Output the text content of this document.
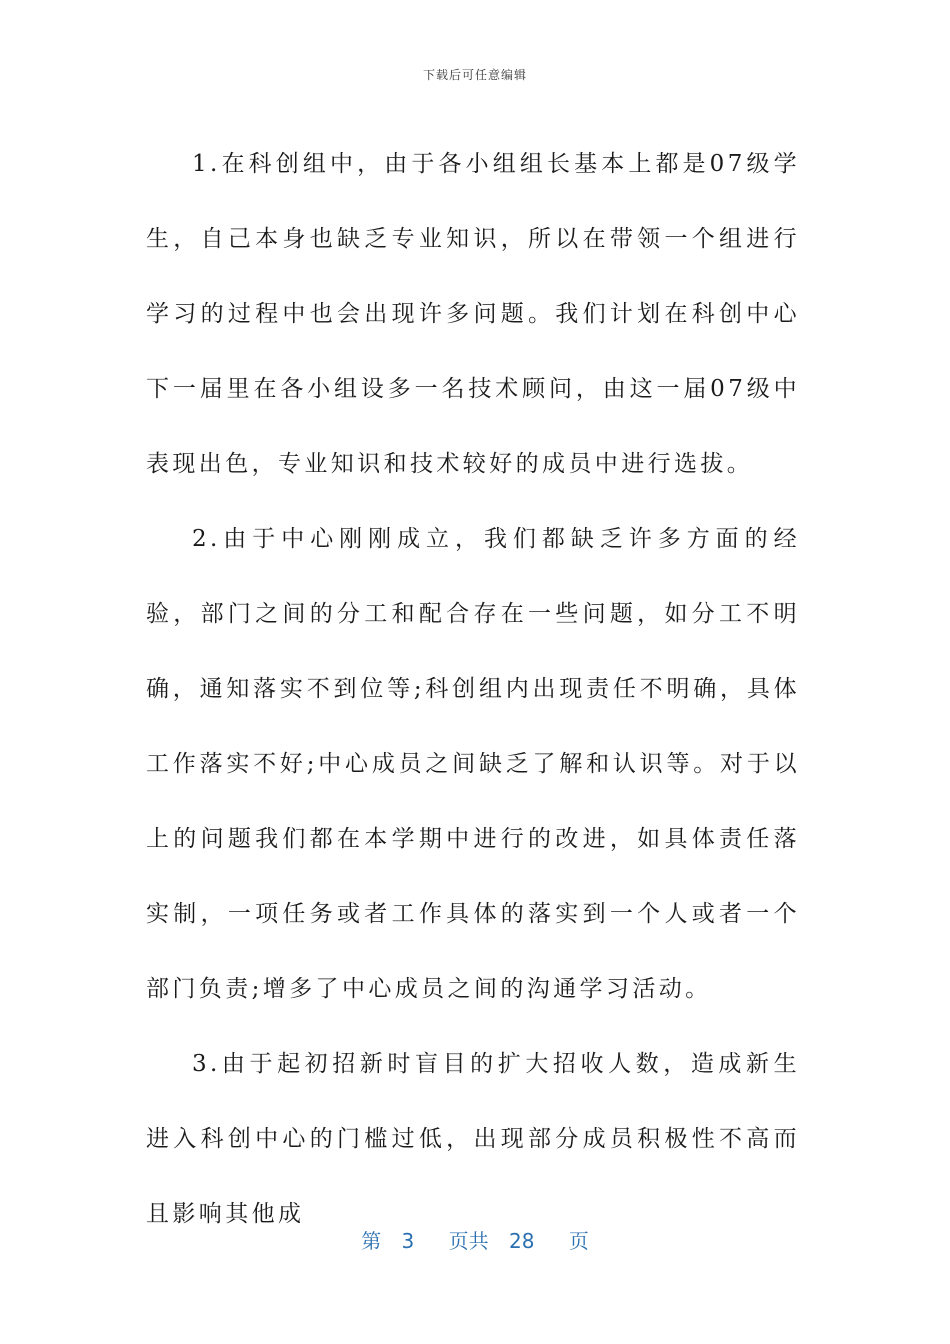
下载后可任意编辑

1.在科创组中，由于各小组组长基本上都是07级学生，自己本身也缺乏专业知识，所以在带领一个组进行学习的过程中也会出现许多问题。我们计划在科创中心下一届里在各小组设多一名技术顾问，由这一届07级中表现出色，专业知识和技术较好的成员中进行选拔。

2.由于中心刚刚成立，我们都缺乏许多方面的经验，部门之间的分工和配合存在一些问题，如分工不明确，通知落实不到位等;科创组内出现责任不明确，具体工作落实不好;中心成员之间缺乏了解和认识等。对于以上的问题我们都在本学期中进行的改进，如具体责任落实制，一项任务或者工作具体的落实到一个人或者一个部门负责;增多了中心成员之间的沟通学习活动。

3.由于起初招新时盲目的扩大招收人数，造成新生进入科创中心的门槛过低，出现部分成员积极性不高而且影响其他成

第 3 页共 28 页
